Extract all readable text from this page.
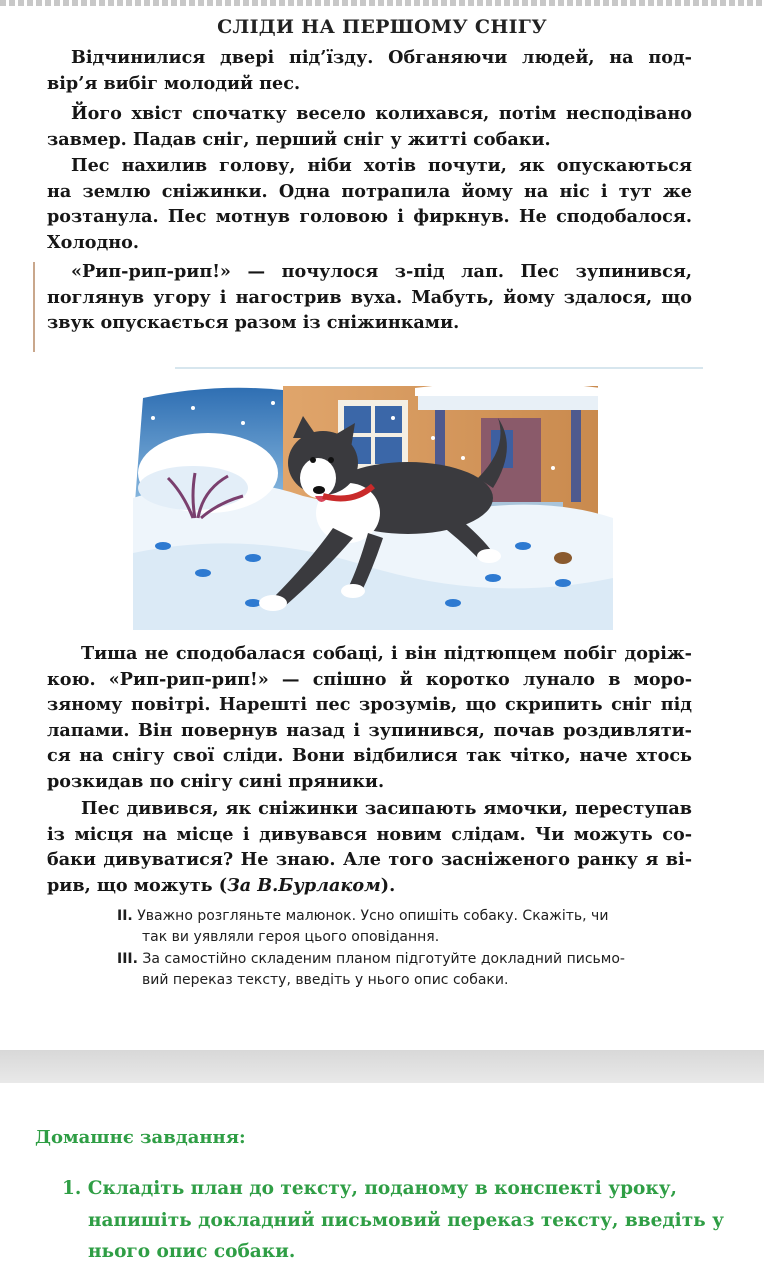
СЛІДИ НА ПЕРШОМУ СНІГУ
Відчинилися двері під’їзду. Обганяючи людей, на под-
вір’я вибіг молодий пес.
Його хвіст спочатку весело колихався, потім несподівано
завмер. Падав сніг, перший сніг у житті собаки.
Пес нахилив голову, ніби хотів почути, як опускаються
на землю сніжинки. Одна потрапила йому на ніс і тут же
розтанула. Пес мотнув головою і фиркнув. Не сподобалося.
Холодно.
«Рип-рип-рип!» — почулося з-під лап. Пес зупинився,
поглянув угору і нагострив вуха. Мабуть, йому здалося, що
звук опускається разом із сніжинками.
Тиша не сподобалася собаці, і він підтюпцем побіг доріж-
кою. «Рип-рип-рип!» — спішно й коротко лунало в моро-
зяному повітрі. Нарешті пес зрозумів, що скрипить сніг під
лапами. Він повернув назад і зупинився, почав роздивляти-
ся на снігу свої сліди. Вони відбилися так чітко, наче хтось
розкидав по снігу сині пряники.
Пес дивився, як сніжинки засипають ямочки, переступав
із місця на місце і дивувався новим слідам. Чи можуть со-
баки дивуватися? Не знаю. Але того засніженого ранку я ві-
рив, що можуть (За В.Бурлаком).
II. Уважно розгляньте малюнок. Усно опишіть собаку. Скажіть, чи
так ви уявляли героя цього оповідання.
III. За самостійно складеним планом підготуйте докладний письмо-
вий переказ тексту, введіть у нього опис собаки.
Домашнє завдання:
1. Складіть план до тексту, поданому в конспекті уроку,
напишіть докладний письмовий переказ тексту, введіть у
нього опис собаки.
